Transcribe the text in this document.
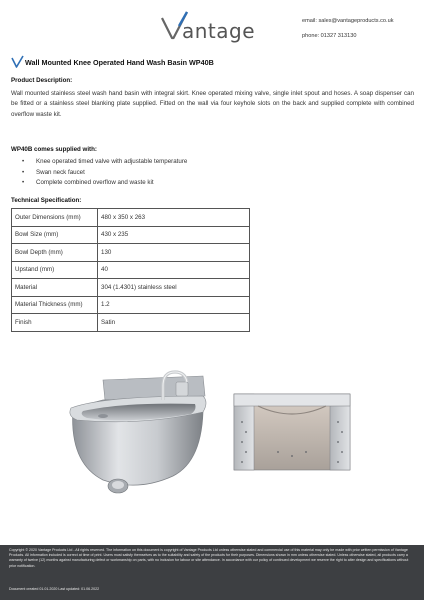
antage	email: sales@vantageproducts.co.uk
phone: 01327 313130
Wall Mounted Knee Operated Hand Wash Basin WP40B
Product Description:
Wall mounted stainless steel wash hand basin with integral skirt. Knee operated mixing valve, single inlet spout and hoses. A soap dispenser can be fitted or a stainless steel blanking plate supplied. Fitted on the wall via four keyhole slots on the back and supplied complete with combined overflow waste kit.
WP40B comes supplied with:
• Knee operated timed valve with adjustable temperature
• Swan neck faucet
• Complete combined overflow and waste kit
Technical Specification:
Outer Dimensions (mm)	480 x 350 x 263
Bowl Size (mm)	430 x 235
Bowl Depth (mm)	130
Upstand (mm)	40
Material	304 (1.4301) stainless steel
Material Thickness (mm)	1.2
Finish	Satin
Copyright © 2020 Vantage Products Ltd - All rights reserved. The information on this document is copyright of Vantage Products Ltd unless otherwise stated and commercial use of this material may only be made with prior written permission of Vantage Products. All information included is correct at time of print. Users must satisfy themselves as to the suitability and safety of the products for their purposes. Dimensions shown in mm unless otherwise stated. Unless otherwise stated, all products carry a warranty of twelve (12) months against manufacturing defect or workmanship on parts, with no inclusion for labour or site attendance. In accordance with our policy of continued development we reserve the right to alter design and specifications without prior notification.
Document created 01.01.2020 Last updated: 01.06.2022
